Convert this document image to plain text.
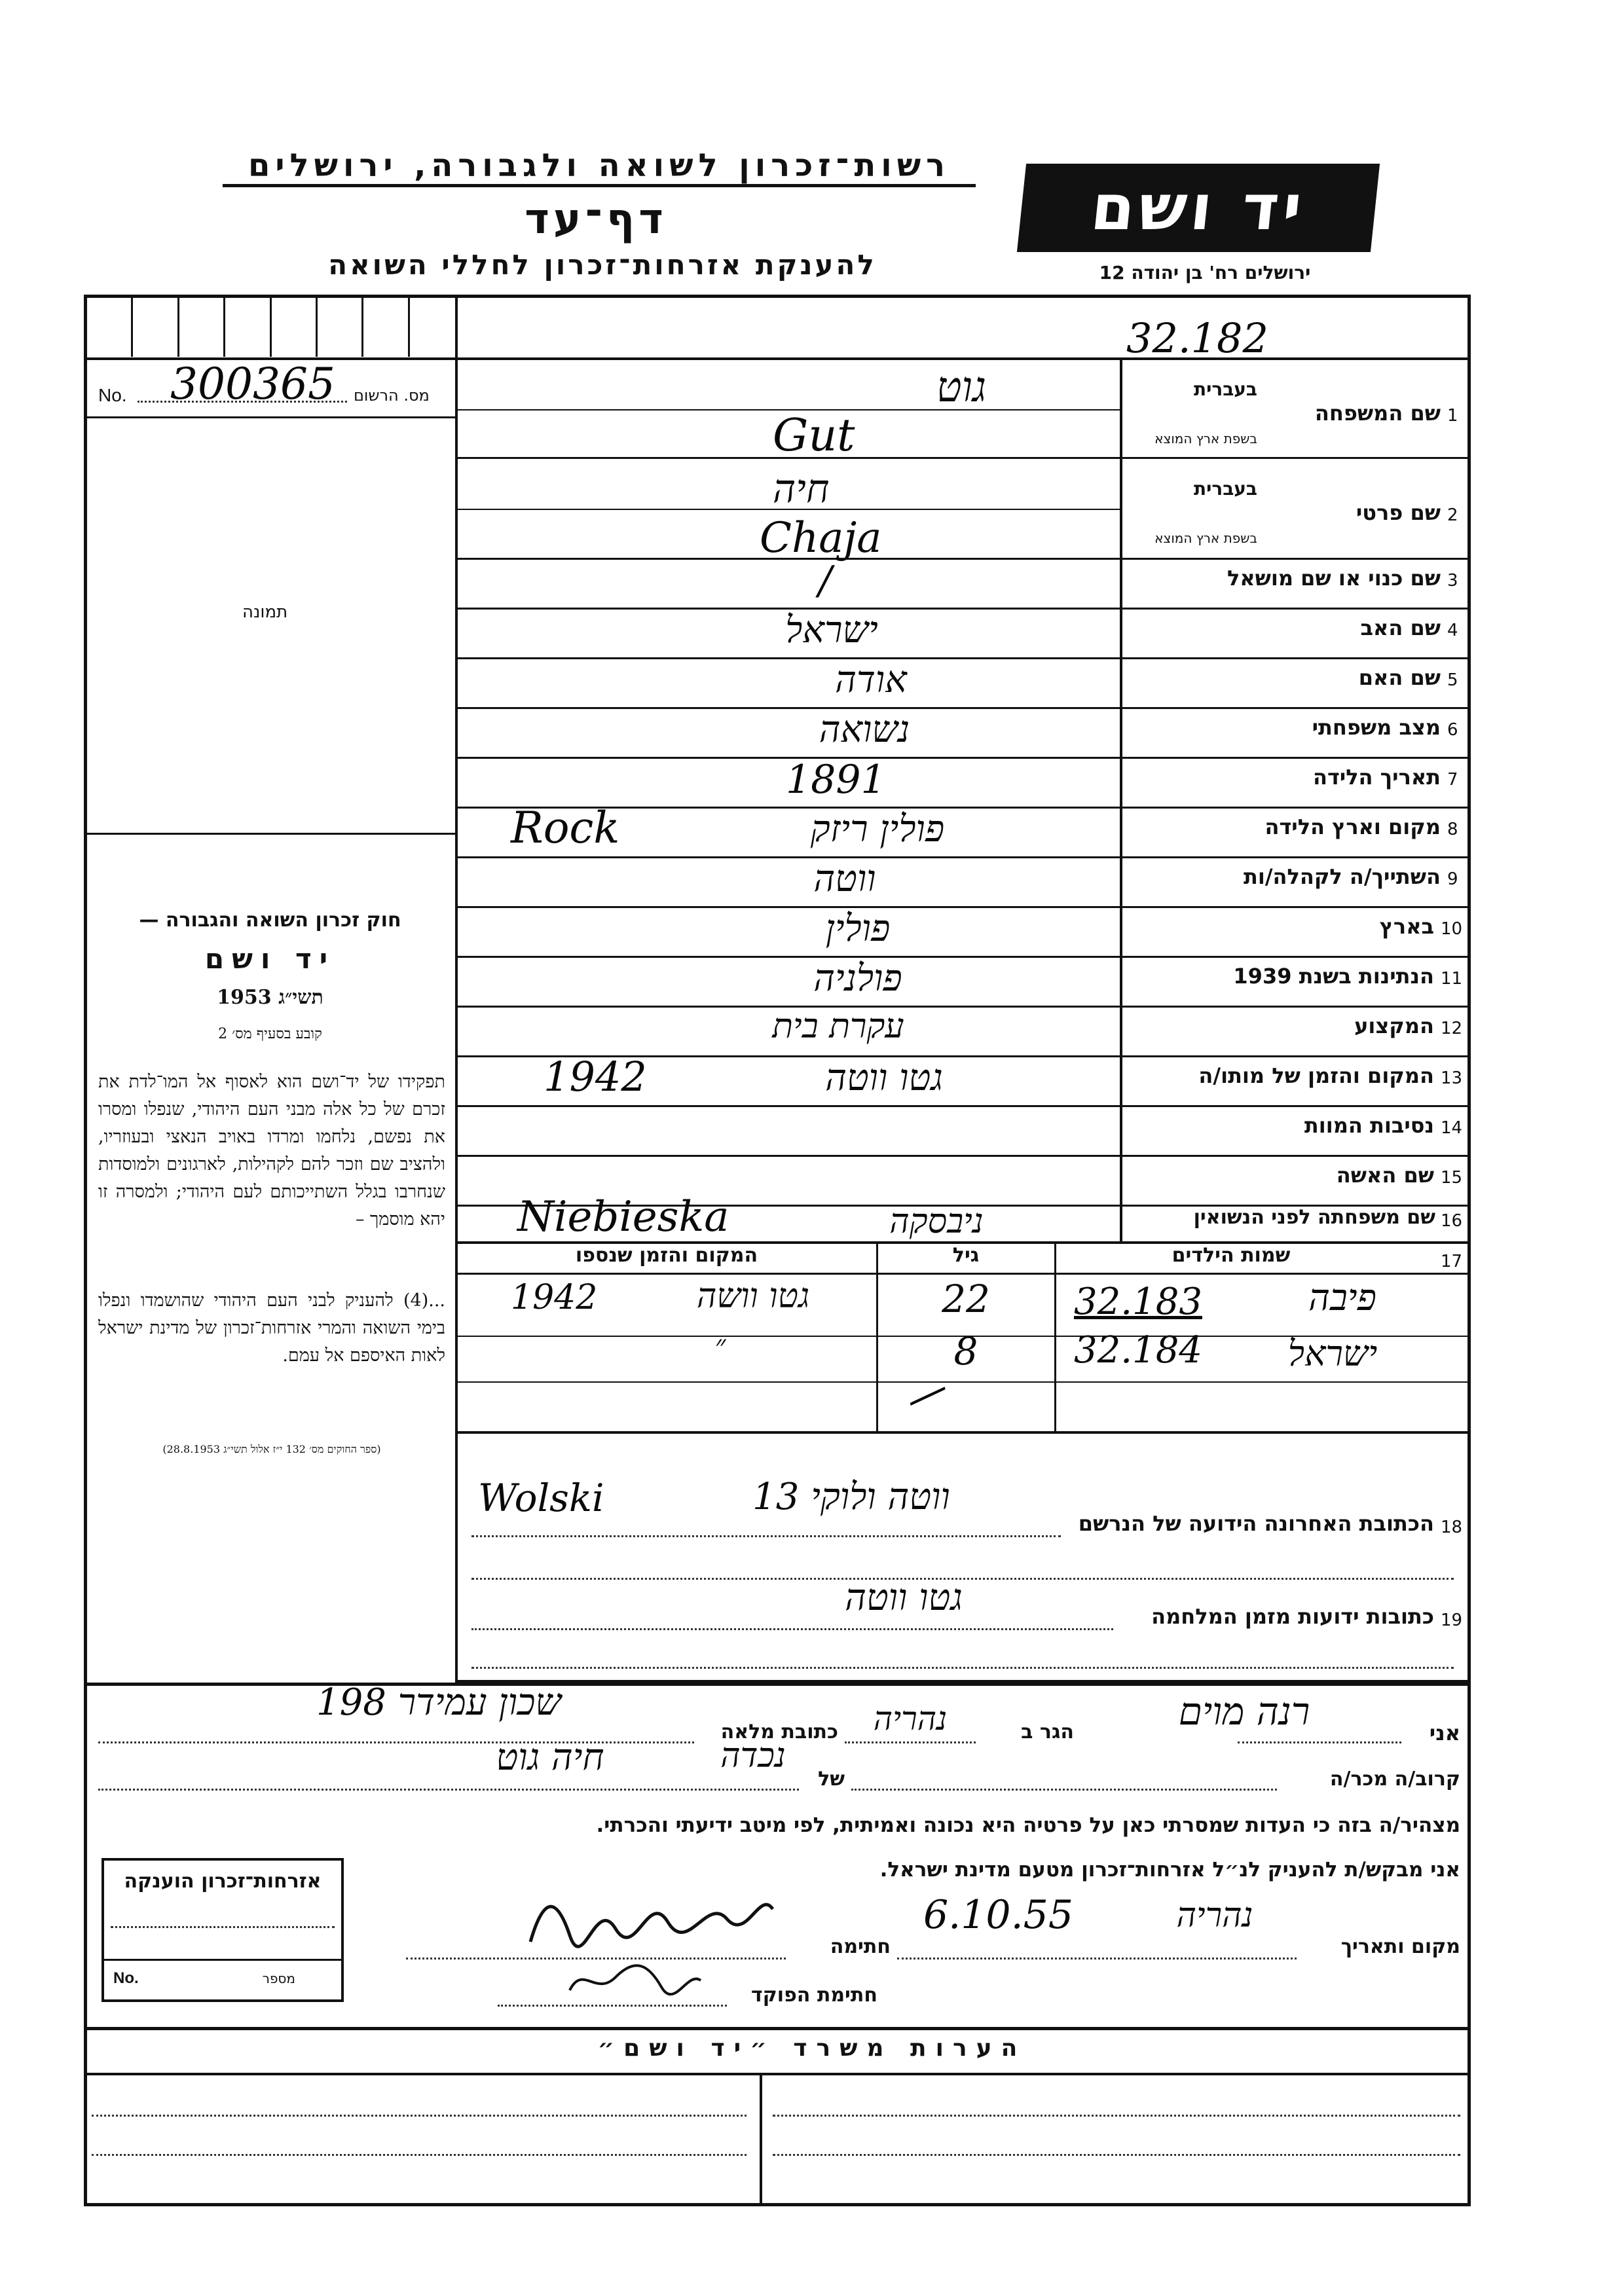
רשות־זכרון לשואה ולגבורה, ירושלים
דף־עד
להענקת אזרחות־זכרון לחללי השואה
יד ושם
ירושלים רח' בן יהודה 12
32.182
No. 300365 מס. הרשום
תמונה
חוק זכרון השואה והגבורה —
יד ושם
תשי״ג 1953
קובע בסעיף מס׳ 2
תפקידו של יד־ושם הוא לאסוף אל המו־לדת את זכרם של כל אלה מבני העם היהודי, שנפלו ומסרו את נפשם, נלחמו ומרדו באויב הנאצי ובעוזריו, ולהציב שם וזכר להם לקהילות, לארגונים ולמוסדות שנחרבו בגלל השתייכותם לעם היהודי; ולמסרה זו יהא מוסמך –
...(4) להעניק לבני העם היהודי שהושמדו ונפלו בימי השואה והמרי אזרחות־זכרון של מדינת ישראל לאות האיספם אל עמם.
(ספר החוקים מס׳ 132 י״ז אלול תשי״ג 28.8.1953)
1
שם המשפחה
בעברית
בשפת ארץ המוצא
גוט
Gut
2
שם פרטי
בעברית
בשפת ארץ המוצא
חיה
Chaja
3
שם כנוי או שם מושאל
/
4
שם האב
ישראל
5
שם האם
אודה
6
מצב משפחתי
נשואה
7
תאריך הלידה
1891
8
מקום וארץ הלידה
פולין ריזק
Rock
9
השתייך/ה לקהלה/ות
ווטה
10
בארץ
פולין
11
הנתינות בשנת 1939
פולניה
12
המקצוע
עקרת בית
13
המקום והזמן של מותו/ה
גטו ווטה
1942
14
נסיבות המוות
15
שם האשה
16
שם משפחתה לפני הנשואין
ניבסקה
Niebieska
17
שמות הילדים
גיל
המקום והזמן שנספו
פיבה
32.183
22
גטו וושה
1942
ישראל
32.184
8
״
—
18
הכתובת האחרונה הידועה של הנרשם
ווטה ולוקי 13
Wolski
19
כתובות ידועות מזמן המלחמה
גטו ווטה
אני
רנה מוים
הגר ב
נהריה
כתובת מלאה
שכון עמידר 198
קרוב/ה מכר/ה
נכדה
של
חיה גוט
מצהיר/ה בזה כי העדות שמסרתי כאן על פרטיה היא נכונה ואמיתית, לפי מיטב ידיעתי והכרתי.
אני מבקש/ת להעניק לנ״ל אזרחות־זכרון מטעם מדינת ישראל.
מקום ותאריך
נהריה
6.10.55
חתימה
חתימת הפוקד
אזרחות־זכרון הוענקה
No.	מספר
הערות משרד ״יד ושם״
